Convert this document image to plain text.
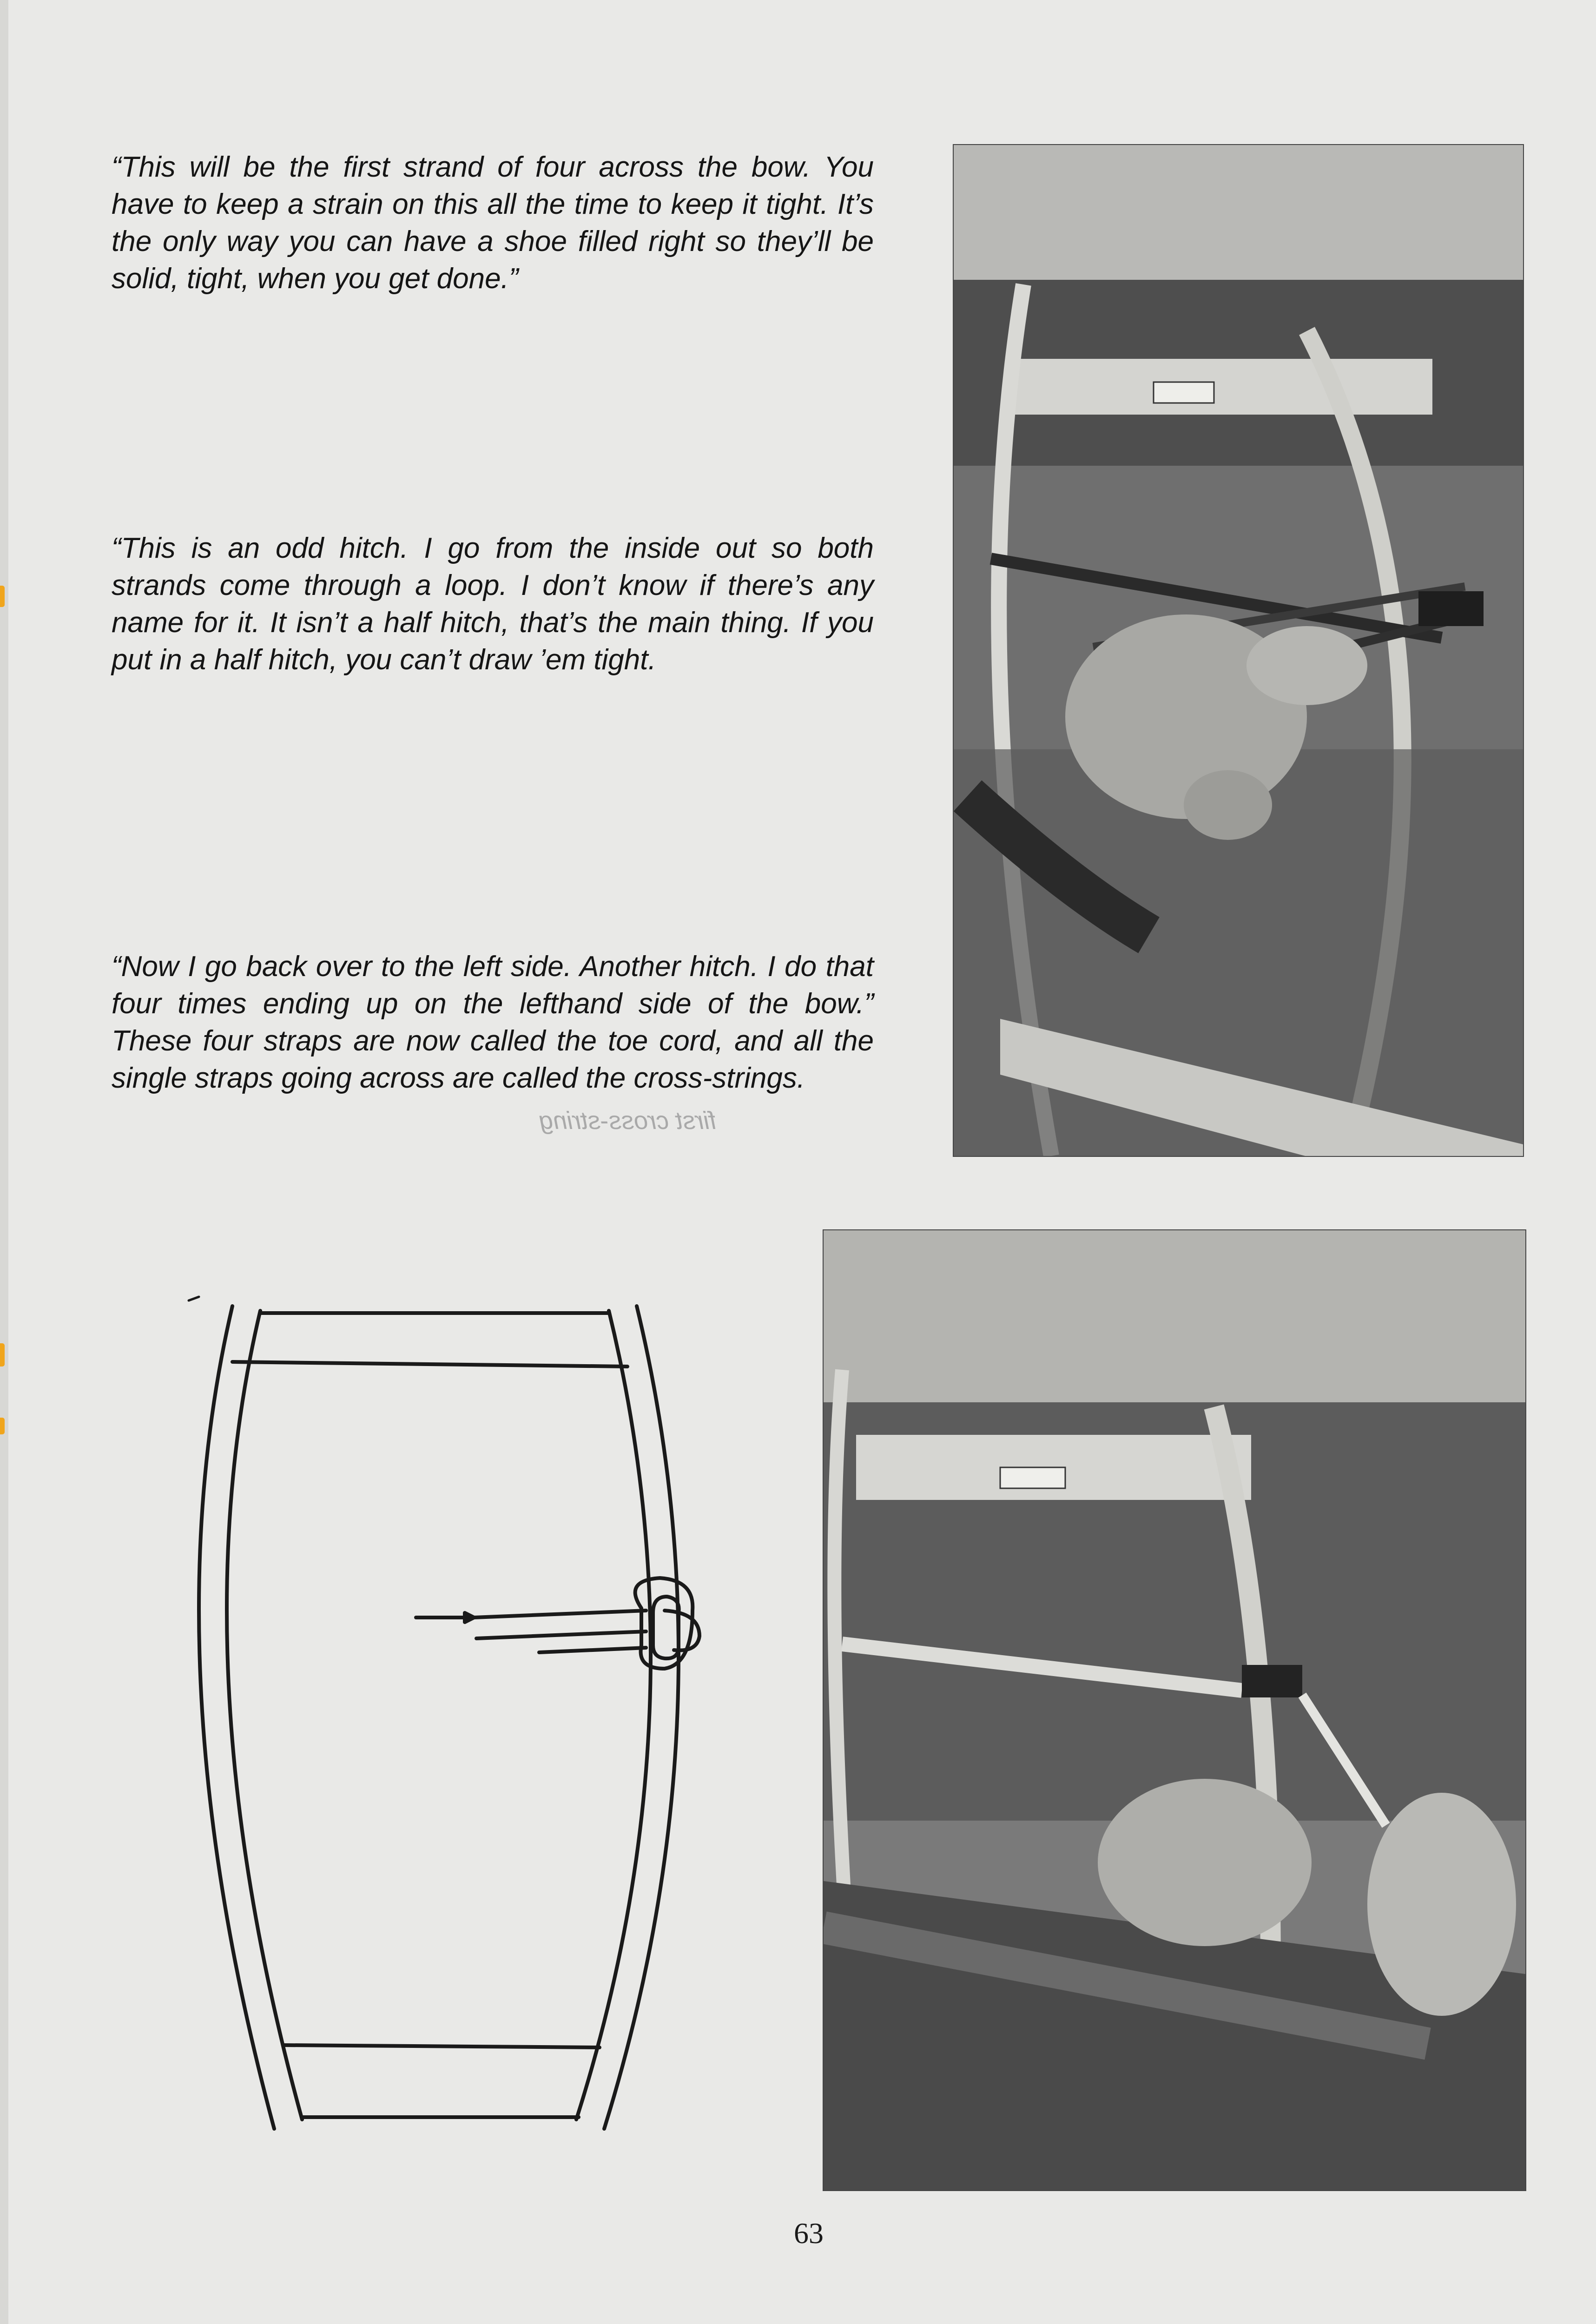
“This will be the first strand of four across the bow. You have to keep a strain on this all the time to keep it tight. It’s the only way you can have a shoe filled right so they’ll be solid, tight, when you get done.”

“This is an odd hitch. I go from the inside out so both strands come through a loop. I don’t know if there’s any name for it. It isn’t a half hitch, that’s the main thing. If you put in a half hitch, you can’t draw ’em tight.

“Now I go back over to the left side. Another hitch. I do that four times ending up on the lefthand side of the bow.” These four straps are now called the toe cord, and all the single straps going across are called the cross-strings.

first cross-string
63
